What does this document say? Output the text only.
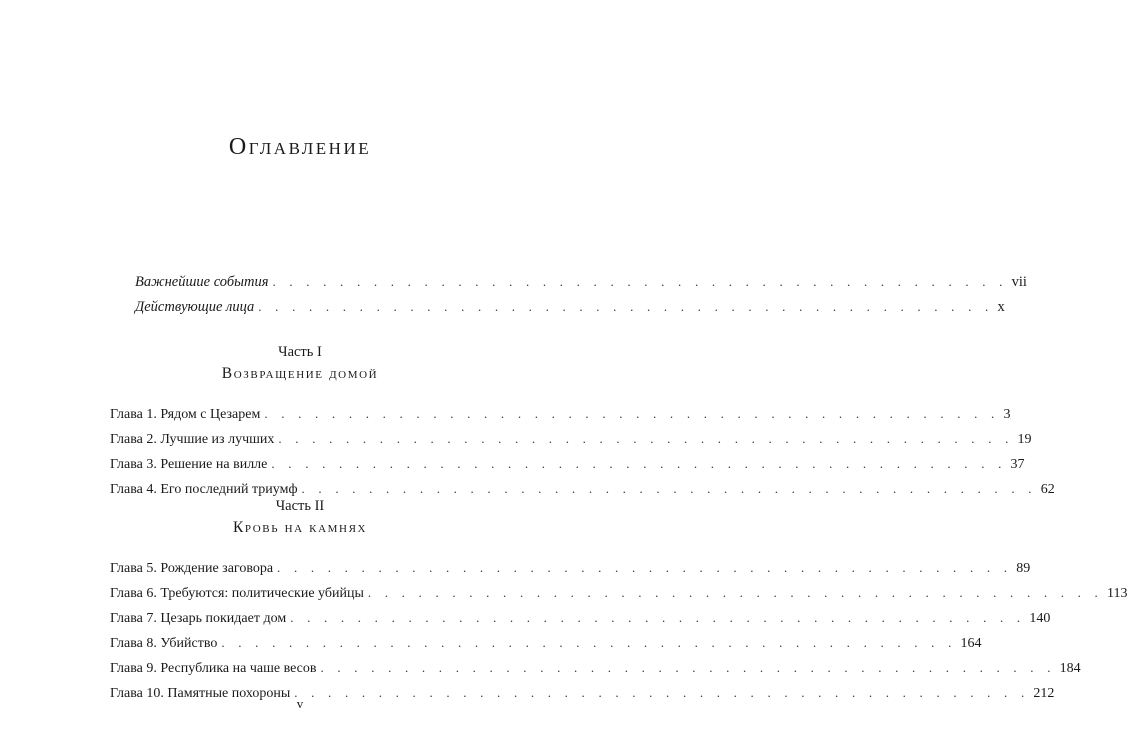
Оглавление
Важнейшие события . . . . . . . . . . . . . . . . . . . . . . . . . . . . . . . . . . . . . . . . . . . . vii
Действующие лица . . . . . . . . . . . . . . . . . . . . . . . . . . . . . . . . . . . . . . . . . . . . x
Часть I
Возвращение домой
Глава 1. Рядом с Цезарем . . . . . . . . . . . . . . . . . . . . . . . . . . . . . . . . . . . . . . . . . . . . 3
Глава 2. Лучшие из лучших . . . . . . . . . . . . . . . . . . . . . . . . . . . . . . . . . . . . . . . . . . . . 19
Глава 3. Решение на вилле . . . . . . . . . . . . . . . . . . . . . . . . . . . . . . . . . . . . . . . . . . . . 37
Глава 4. Его последний триумф . . . . . . . . . . . . . . . . . . . . . . . . . . . . . . . . . . . . . . . . . . . . 62
Часть II
Кровь на камнях
Глава 5. Рождение заговора . . . . . . . . . . . . . . . . . . . . . . . . . . . . . . . . . . . . . . . . . . . . 89
Глава 6. Требуются: политические убийцы . . . . . . . . . . . . . . . . . . . . . . . . . . . . . . . . . . . . . . . . . . . . 113
Глава 7. Цезарь покидает дом . . . . . . . . . . . . . . . . . . . . . . . . . . . . . . . . . . . . . . . . . . . . 140
Глава 8. Убийство . . . . . . . . . . . . . . . . . . . . . . . . . . . . . . . . . . . . . . . . . . . . 164
Глава 9. Республика на чаше весов . . . . . . . . . . . . . . . . . . . . . . . . . . . . . . . . . . . . . . . . . . . . 184
Глава 10. Памятные похороны . . . . . . . . . . . . . . . . . . . . . . . . . . . . . . . . . . . . . . . . . . . . 212
v
